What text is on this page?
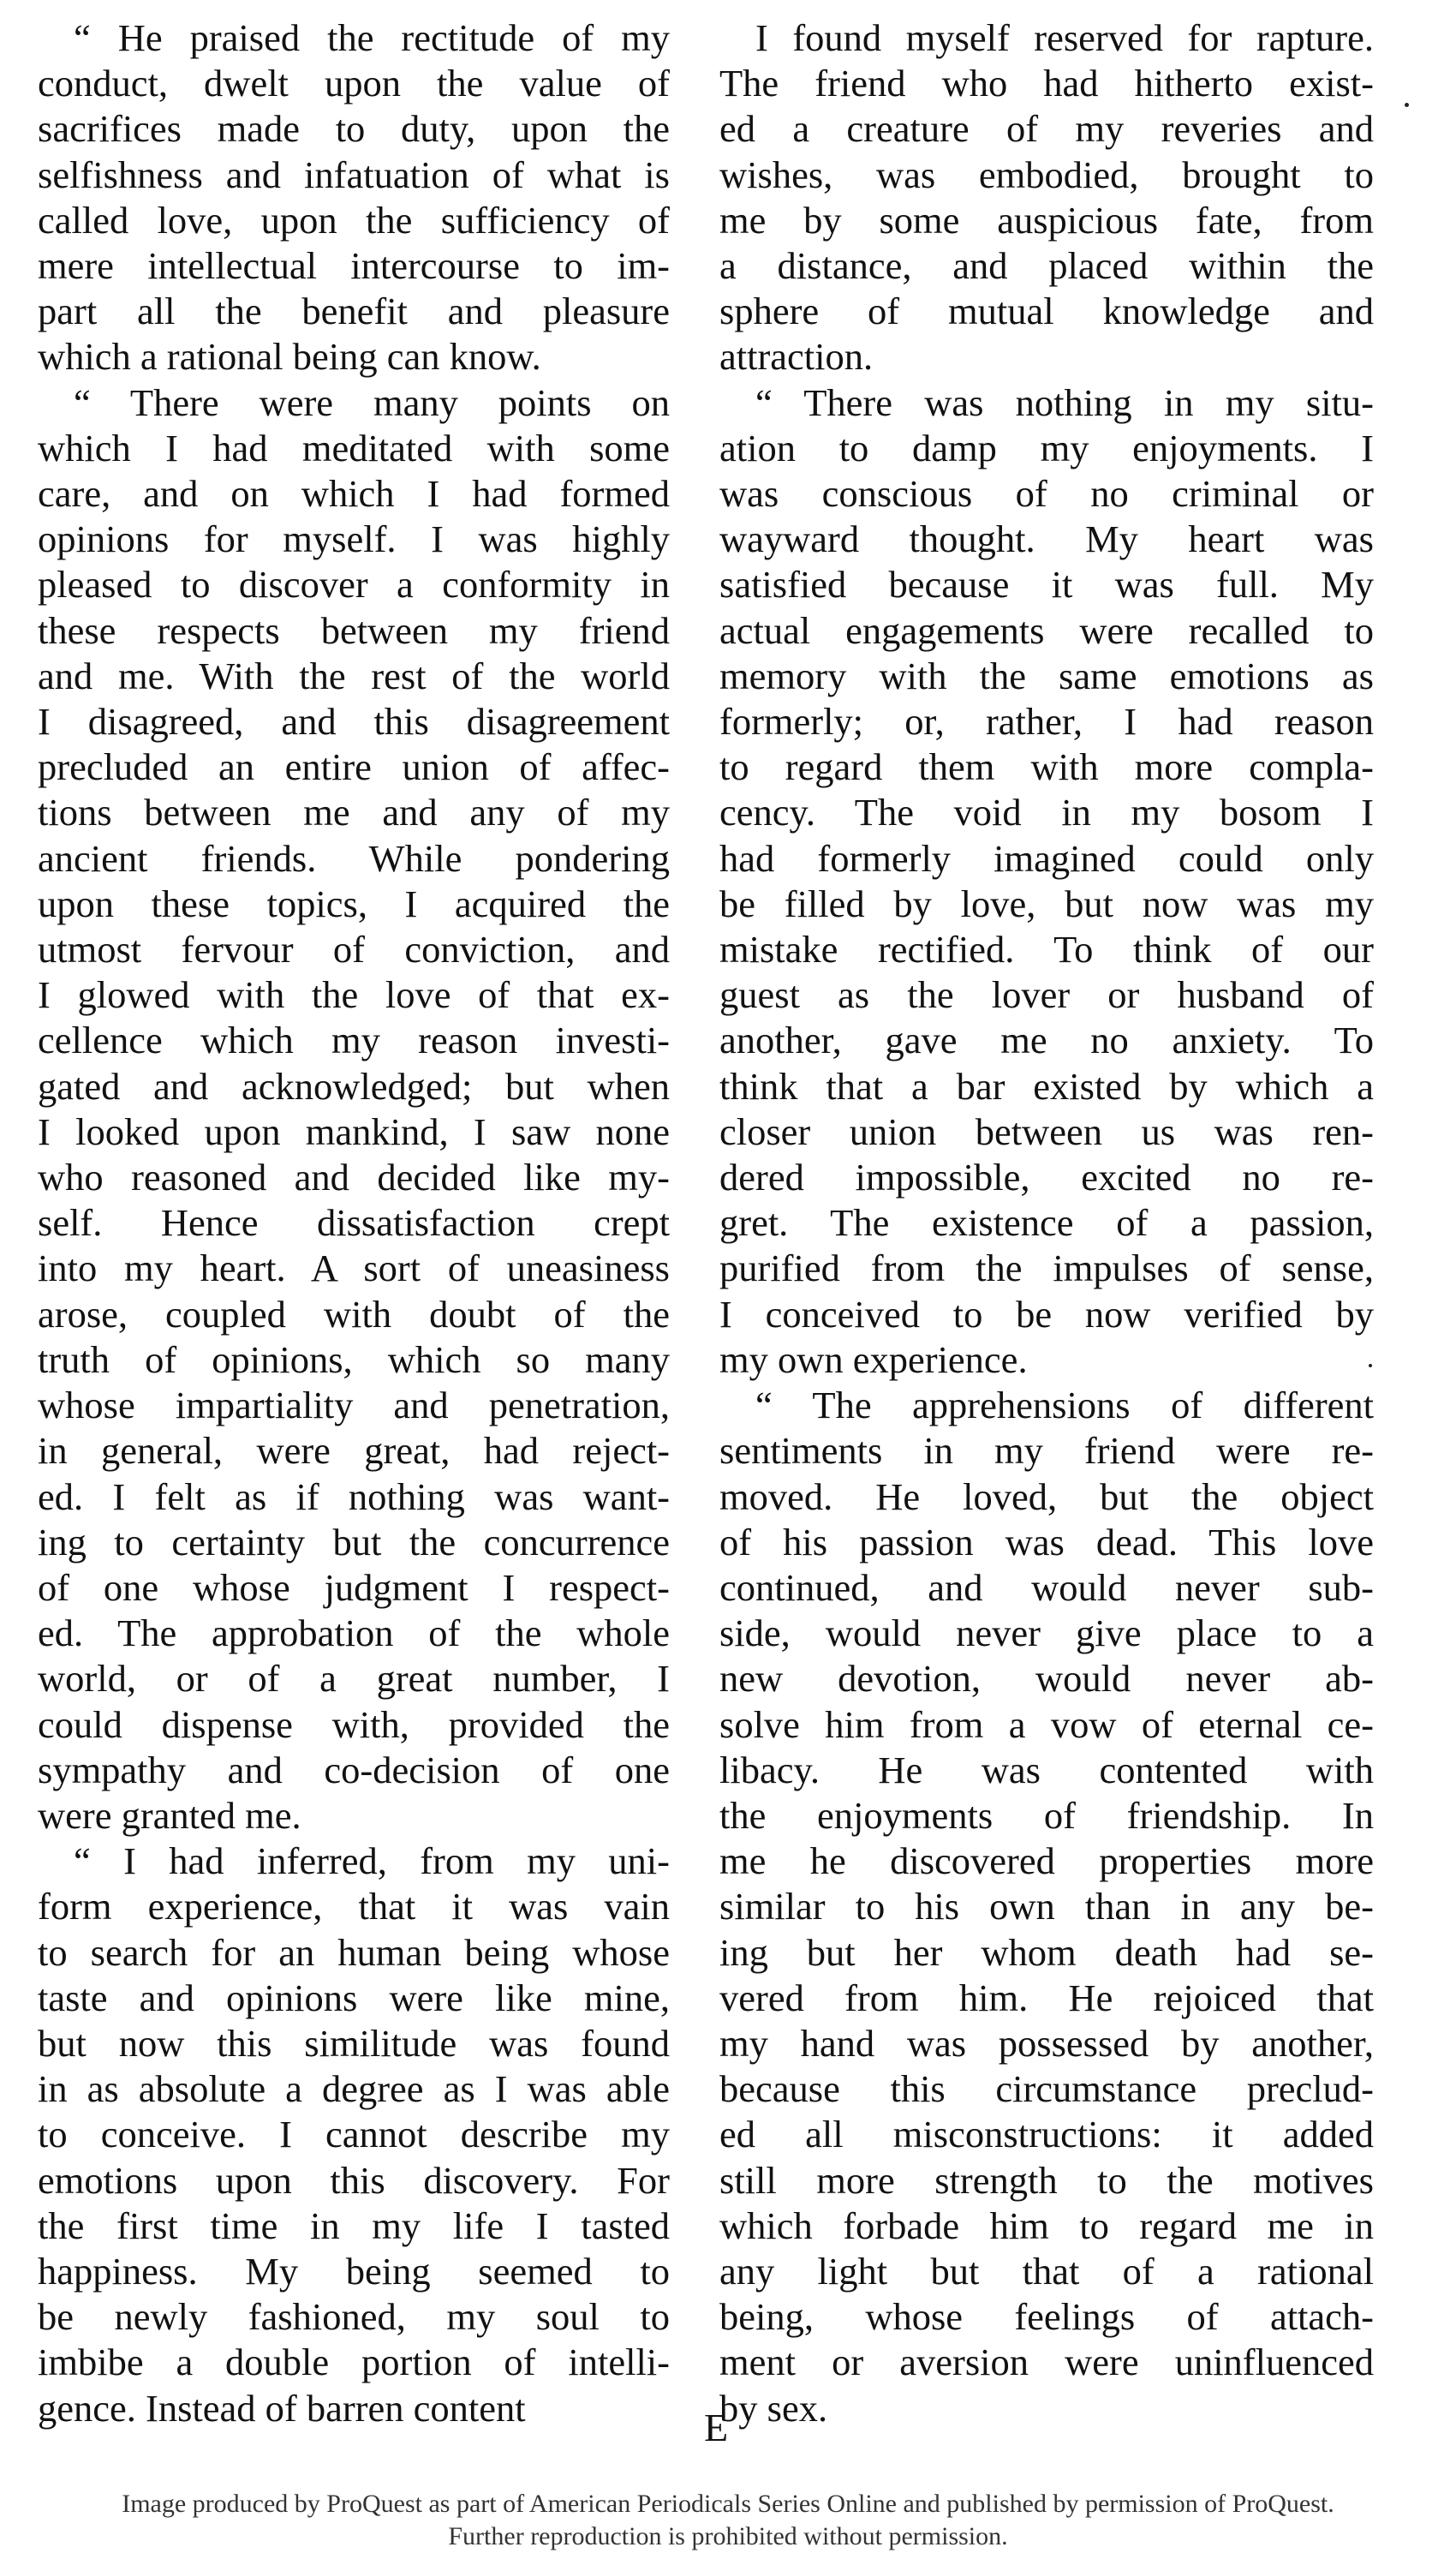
“ He praised the rectitude of my
conduct, dwelt upon the value of
sacrifices made to duty, upon the
selfishness and infatuation of what is
called love, upon the sufficiency of
mere intellectual intercourse to im-
part all the benefit and pleasure
which a rational being can know.
“ There were many points on
which I had meditated with some
care, and on which I had formed
opinions for myself. I was highly
pleased to discover a conformity in
these respects between my friend
and me. With the rest of the world
I disagreed, and this disagreement
precluded an entire union of affec-
tions between me and any of my
ancient friends. While pondering
upon these topics, I acquired the
utmost fervour of conviction, and
I glowed with the love of that ex-
cellence which my reason investi-
gated and acknowledged; but when
I looked upon mankind, I saw none
who reasoned and decided like my-
self. Hence dissatisfaction crept
into my heart. A sort of uneasiness
arose, coupled with doubt of the
truth of opinions, which so many
whose impartiality and penetration,
in general, were great, had reject-
ed. I felt as if nothing was want-
ing to certainty but the concurrence
of one whose judgment I respect-
ed. The approbation of the whole
world, or of a great number, I
could dispense with, provided the
sympathy and co-decision of one
were granted me.
“ I had inferred, from my uni-
form experience, that it was vain
to search for an human being whose
taste and opinions were like mine,
but now this similitude was found
in as absolute a degree as I was able
to conceive. I cannot describe my
emotions upon this discovery. For
the first time in my life I tasted
happiness. My being seemed to
be newly fashioned, my soul to
imbibe a double portion of intelli-
gence. Instead of barren content
I found myself reserved for rapture.
The friend who had hitherto exist-
ed a creature of my reveries and
wishes, was embodied, brought to
me by some auspicious fate, from
a distance, and placed within the
sphere of mutual knowledge and
attraction.
“ There was nothing in my situ-
ation to damp my enjoyments. I
was conscious of no criminal or
wayward thought. My heart was
satisfied because it was full. My
actual engagements were recalled to
memory with the same emotions as
formerly; or, rather, I had reason
to regard them with more compla-
cency. The void in my bosom I
had formerly imagined could only
be filled by love, but now was my
mistake rectified. To think of our
guest as the lover or husband of
another, gave me no anxiety. To
think that a bar existed by which a
closer union between us was ren-
dered impossible, excited no re-
gret. The existence of a passion,
purified from the impulses of sense,
I conceived to be now verified by
my own experience.
“ The apprehensions of different
sentiments in my friend were re-
moved. He loved, but the object
of his passion was dead. This love
continued, and would never sub-
side, would never give place to a
new devotion, would never ab-
solve him from a vow of eternal ce-
libacy. He was contented with
the enjoyments of friendship. In
me he discovered properties more
similar to his own than in any be-
ing but her whom death had se-
vered from him. He rejoiced that
my hand was possessed by another,
because this circumstance preclud-
ed all misconstructions: it added
still more strength to the motives
which forbade him to regard me in
any light but that of a rational
being, whose feelings of attach-
ment or aversion were uninfluenced
by sex.
E
Image produced by ProQuest as part of American Periodicals Series Online and published by permission of ProQuest.
Further reproduction is prohibited without permission.
